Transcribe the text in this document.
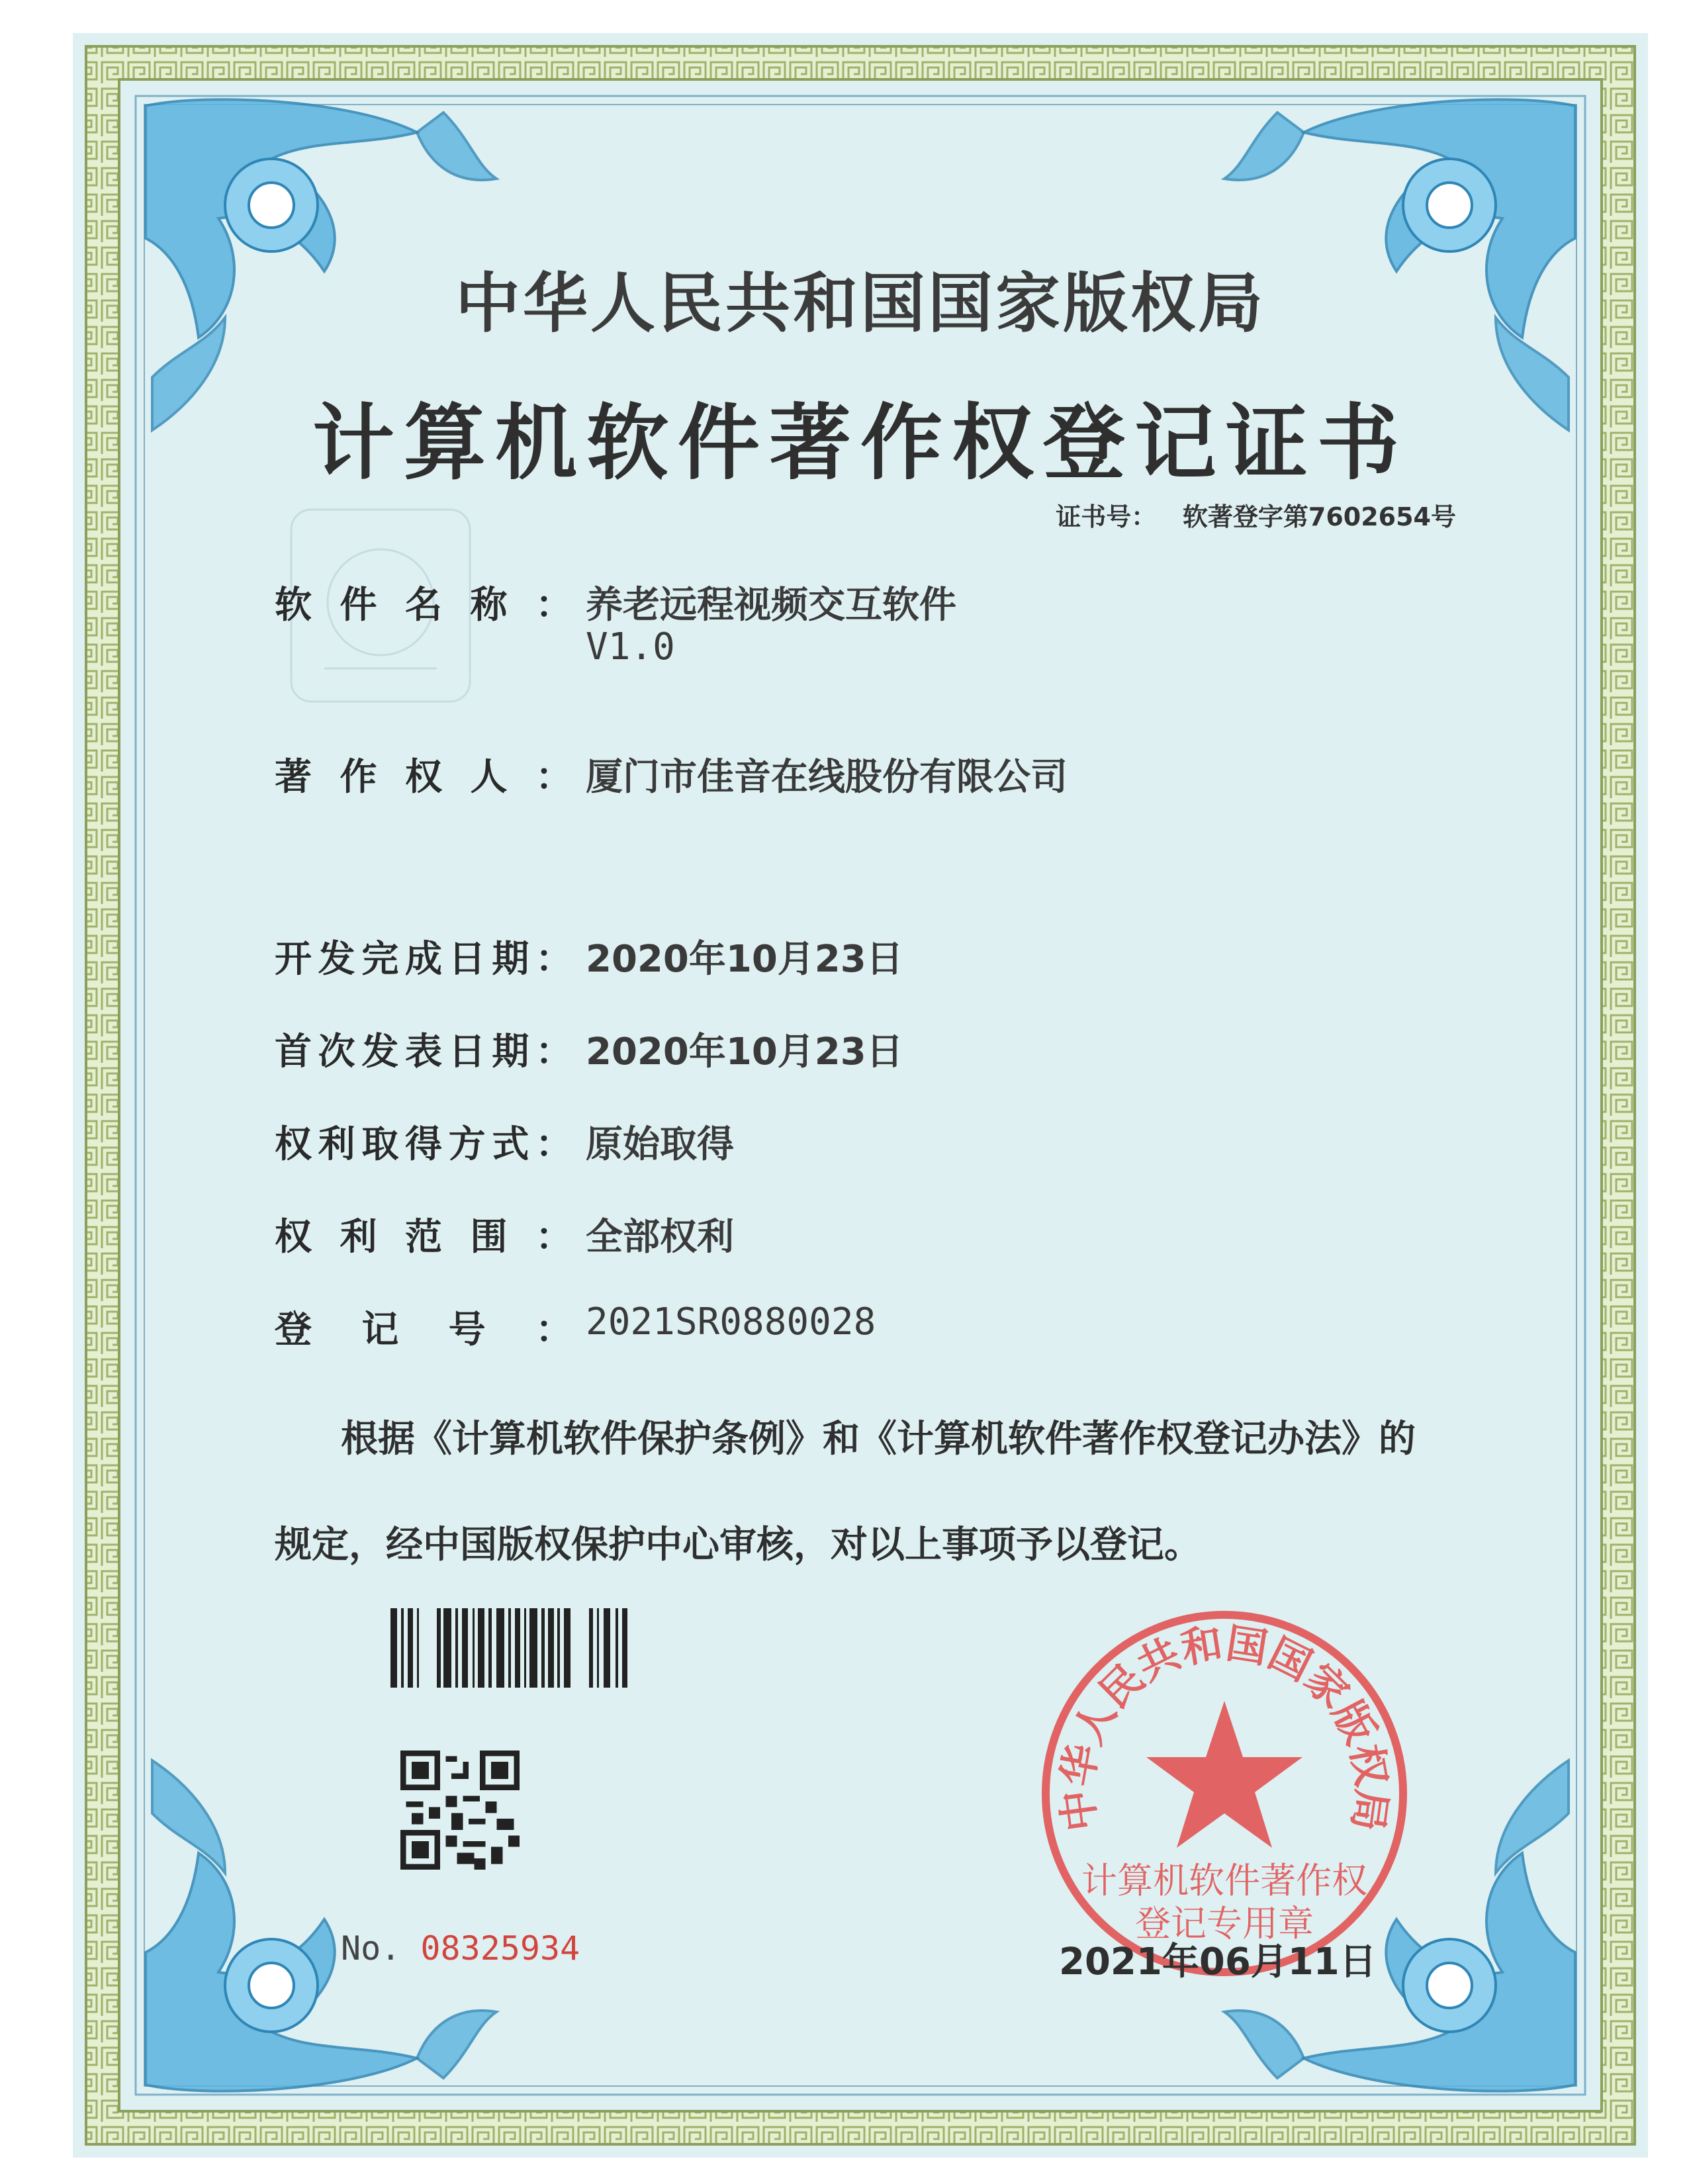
中华人民共和国国家版权局
计算机软件著作权登记证书
证书号： 软著登字第7602654号
软件名称： 养老远程视频交互软件
V1.0
著作权人： 厦门市佳音在线股份有限公司
开发完成日期： 2020年10月23日
首次发表日期： 2020年10月23日
权利取得方式： 原始取得
权利范围： 全部权利
登记号： 2021SR0880028
根据《计算机软件保护条例》和《计算机软件著作权登记办法》的
规定，经中国版权保护中心审核，对以上事项予以登记。
No. 08325934
中华人民共和国国家版权局
计算机软件著作权
登记专用章
2021年06月11日
